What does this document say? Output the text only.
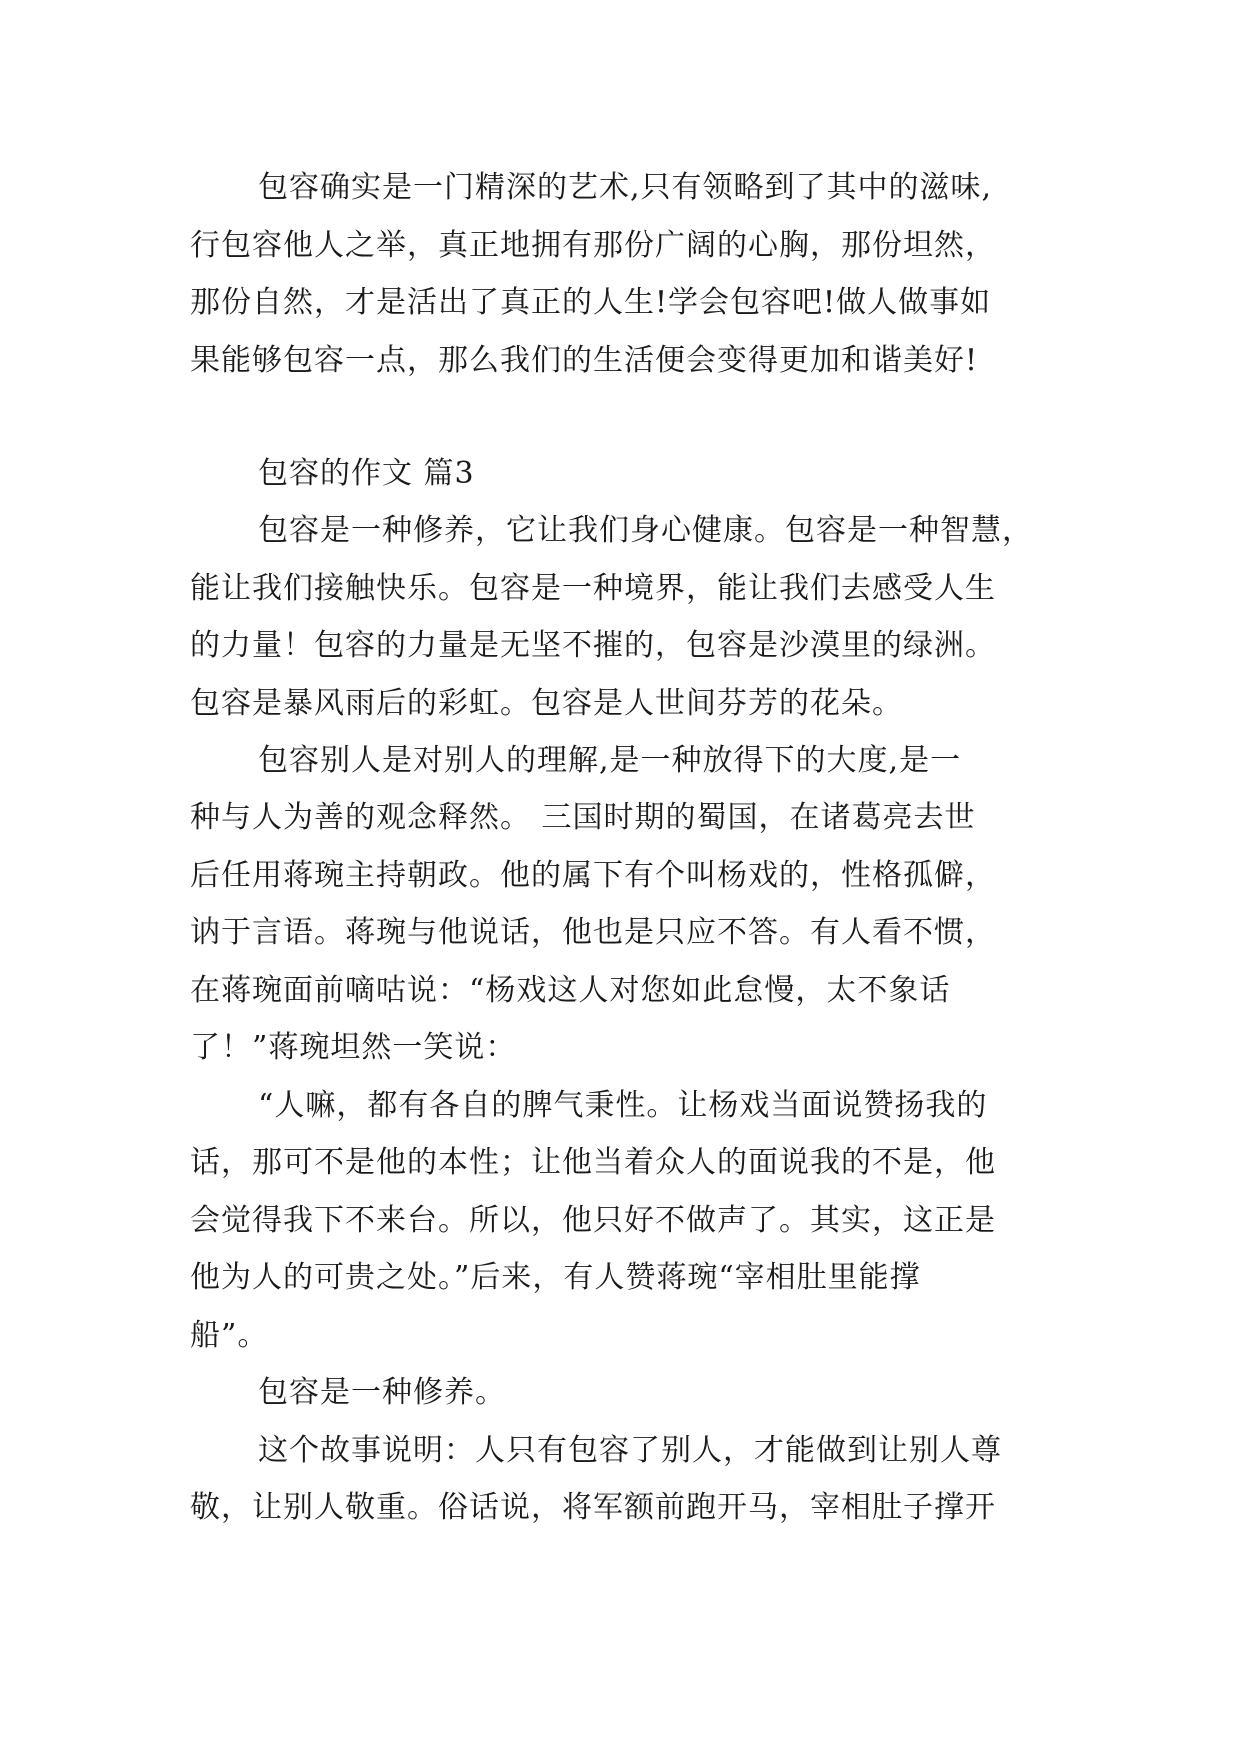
包容确实是一门精深的艺术,只有领略到了其中的滋味,
行包容他人之举，真正地拥有那份广阔的心胸，那份坦然，
那份自然，才是活出了真正的人生!学会包容吧!做人做事如
果能够包容一点，那么我们的生活便会变得更加和谐美好!
包容的作文 篇3
包容是一种修养，它让我们身心健康。包容是一种智慧，
能让我们接触快乐。包容是一种境界，能让我们去感受人生
的力量！包容的力量是无坚不摧的，包容是沙漠里的绿洲。
包容是暴风雨后的彩虹。包容是人世间芬芳的花朵。
包容别人是对别人的理解,是一种放得下的大度,是一
种与人为善的观念释然。 三国时期的蜀国，在诸葛亮去世
后任用蒋琬主持朝政。他的属下有个叫杨戏的，性格孤僻，
讷于言语。蒋琬与他说话，他也是只应不答。有人看不惯，
在蒋琬面前嘀咕说：“杨戏这人对您如此怠慢，太不象话
了！”蒋琬坦然一笑说：
“人嘛，都有各自的脾气秉性。让杨戏当面说赞扬我的
话，那可不是他的本性；让他当着众人的面说我的不是，他
会觉得我下不来台。所以，他只好不做声了。其实，这正是
他为人的可贵之处。”后来，有人赞蒋琬“宰相肚里能撑
船”。
包容是一种修养。
这个故事说明：人只有包容了别人，才能做到让别人尊
敬，让别人敬重。俗话说，将军额前跑开马，宰相肚子撑开
